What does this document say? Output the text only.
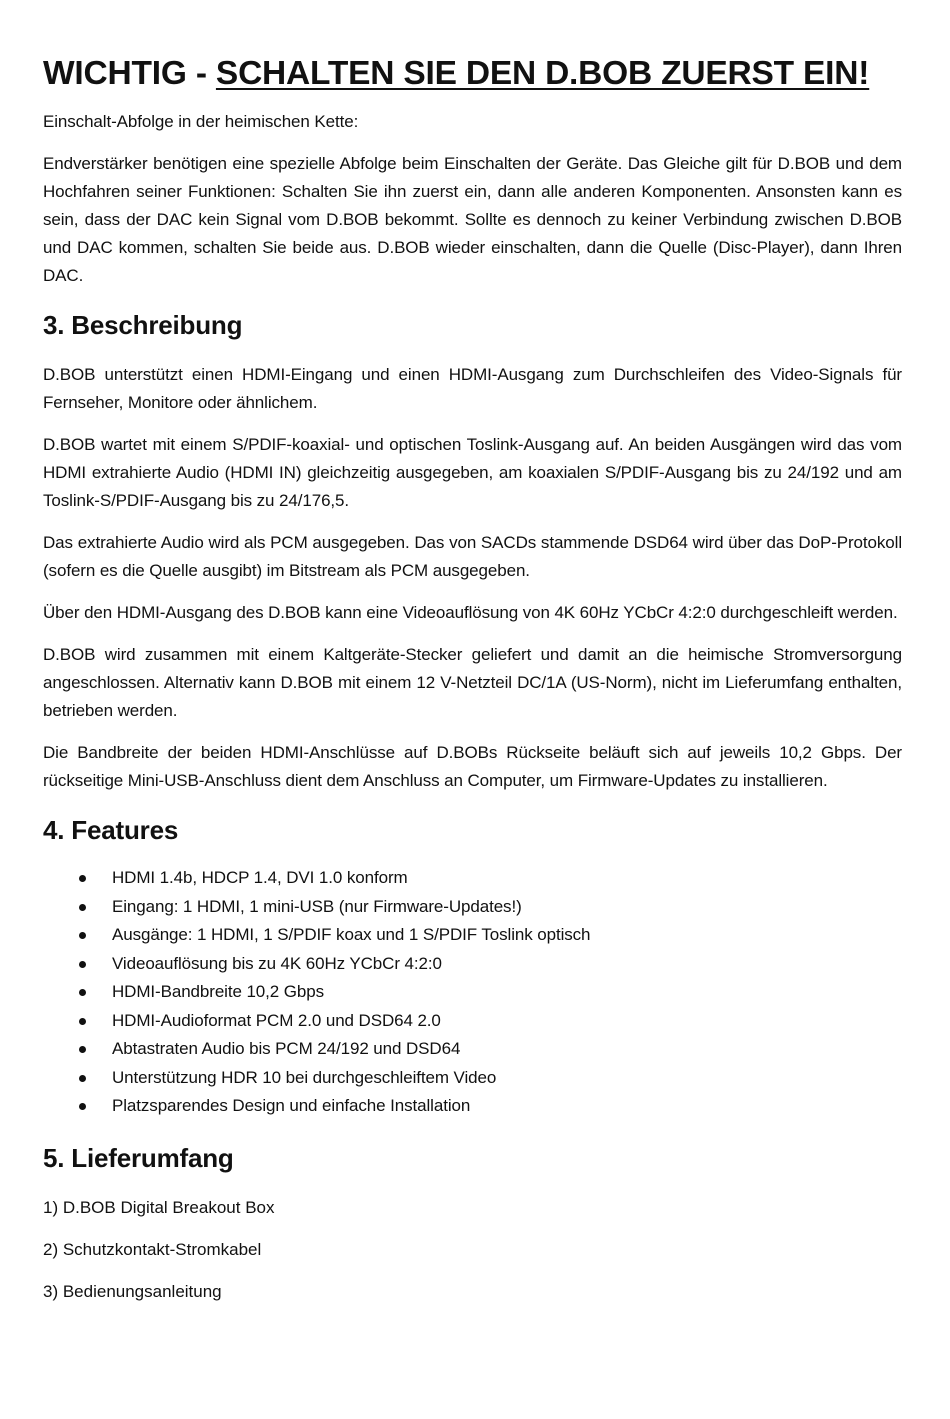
WICHTIG - SCHALTEN SIE DEN D.BOB ZUERST EIN!

Einschalt-Abfolge in der heimischen Kette:

Endverstärker benötigen eine spezielle Abfolge beim Einschalten der Geräte. Das Gleiche gilt für D.BOB und dem Hochfahren seiner Funktionen: Schalten Sie ihn zuerst ein, dann alle anderen Komponenten. Ansonsten kann es sein, dass der DAC kein Signal vom D.BOB bekommt. Sollte es dennoch zu keiner Verbindung zwischen D.BOB und DAC kommen, schalten Sie beide aus. D.BOB wieder einschalten, dann die Quelle (Disc-Player), dann Ihren DAC.

3. Beschreibung

D.BOB unterstützt einen HDMI-Eingang und einen HDMI-Ausgang zum Durchschleifen des Video-Signals für Fernseher, Monitore oder ähnlichem.

D.BOB wartet mit einem S/PDIF-koaxial- und optischen Toslink-Ausgang auf. An beiden Ausgängen wird das vom HDMI extrahierte Audio (HDMI IN) gleichzeitig ausgegeben, am koaxialen S/PDIF-Ausgang bis zu 24/192 und am Toslink-S/PDIF-Ausgang bis zu 24/176,5.

Das extrahierte Audio wird als PCM ausgegeben. Das von SACDs stammende DSD64 wird über das DoP-Protokoll (sofern es die Quelle ausgibt) im Bitstream als PCM ausgegeben.

Über den HDMI-Ausgang des D.BOB kann eine Videoauflösung von 4K 60Hz YCbCr 4:2:0 durchgeschleift werden.

D.BOB wird zusammen mit einem Kaltgeräte-Stecker geliefert und damit an die heimische Stromversorgung angeschlossen. Alternativ kann D.BOB mit einem 12 V-Netzteil DC/1A (US-Norm), nicht im Lieferumfang enthalten, betrieben werden.

Die Bandbreite der beiden HDMI-Anschlüsse auf D.BOBs Rückseite beläuft sich auf jeweils 10,2 Gbps. Der rückseitige Mini-USB-Anschluss dient dem Anschluss an Computer, um Firmware-Updates zu installieren.

4. Features
HDMI 1.4b, HDCP 1.4, DVI 1.0 konform
Eingang: 1 HDMI, 1 mini-USB (nur Firmware-Updates!)
Ausgänge: 1 HDMI, 1 S/PDIF koax und 1 S/PDIF Toslink optisch
Videoauflösung bis zu 4K 60Hz YCbCr 4:2:0
HDMI-Bandbreite 10,2 Gbps
HDMI-Audioformat PCM 2.0 und DSD64 2.0
Abtastraten Audio bis PCM 24/192 und DSD64
Unterstützung HDR 10 bei durchgeschleiftem Video
Platzsparendes Design und einfache Installation
5. Lieferumfang

1) D.BOB Digital Breakout Box

2) Schutzkontakt-Stromkabel

3) Bedienungsanleitung
